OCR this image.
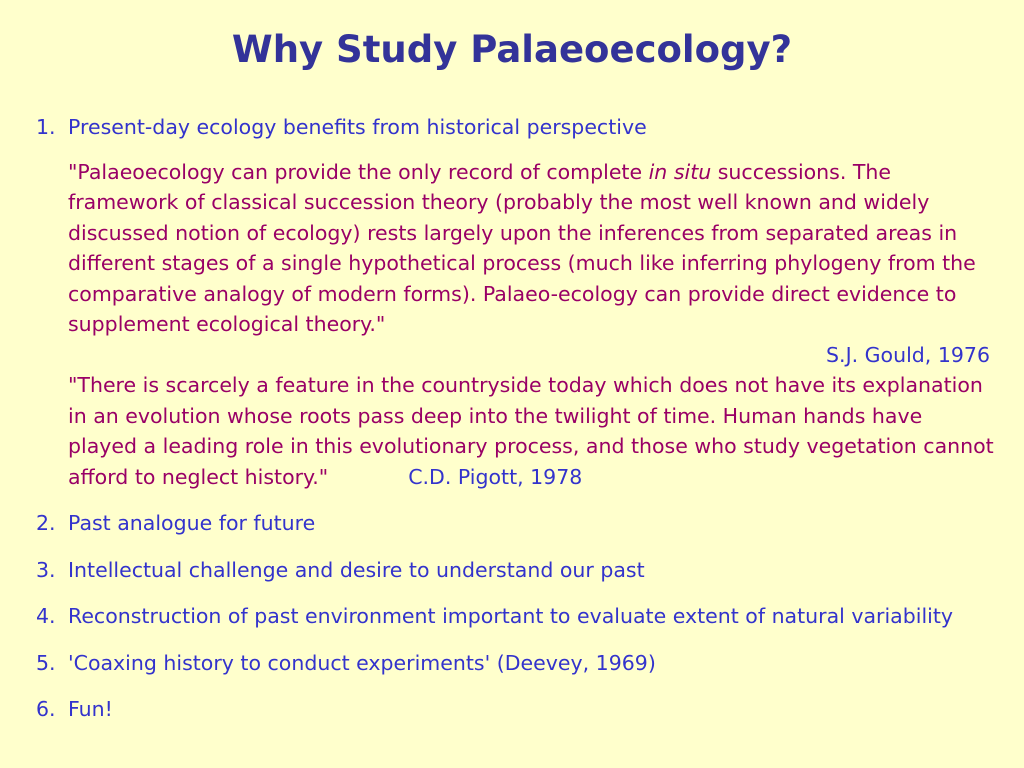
Why Study Palaeoecology?
1. Present-day ecology benefits from historical perspective
"Palaeoecology can provide the only record of complete in situ successions. The framework of classical succession theory (probably the most well known and widely discussed notion of ecology) rests largely upon the inferences from separated areas in different stages of a single hypothetical process (much like inferring phylogeny from the comparative analogy of modern forms). Palaeo-ecology can provide direct evidence to supplement ecological theory."
S.J. Gould, 1976
"There is scarcely a feature in the countryside today which does not have its explanation in an evolution whose roots pass deep into the twilight of time. Human hands have played a leading role in this evolutionary process, and those who study vegetation cannot afford to neglect history."	C.D. Pigott, 1978
2. Past analogue for future
3. Intellectual challenge and desire to understand our past
4. Reconstruction of past environment important to evaluate extent of natural variability
5. 'Coaxing history to conduct experiments' (Deevey, 1969)
6. Fun!
